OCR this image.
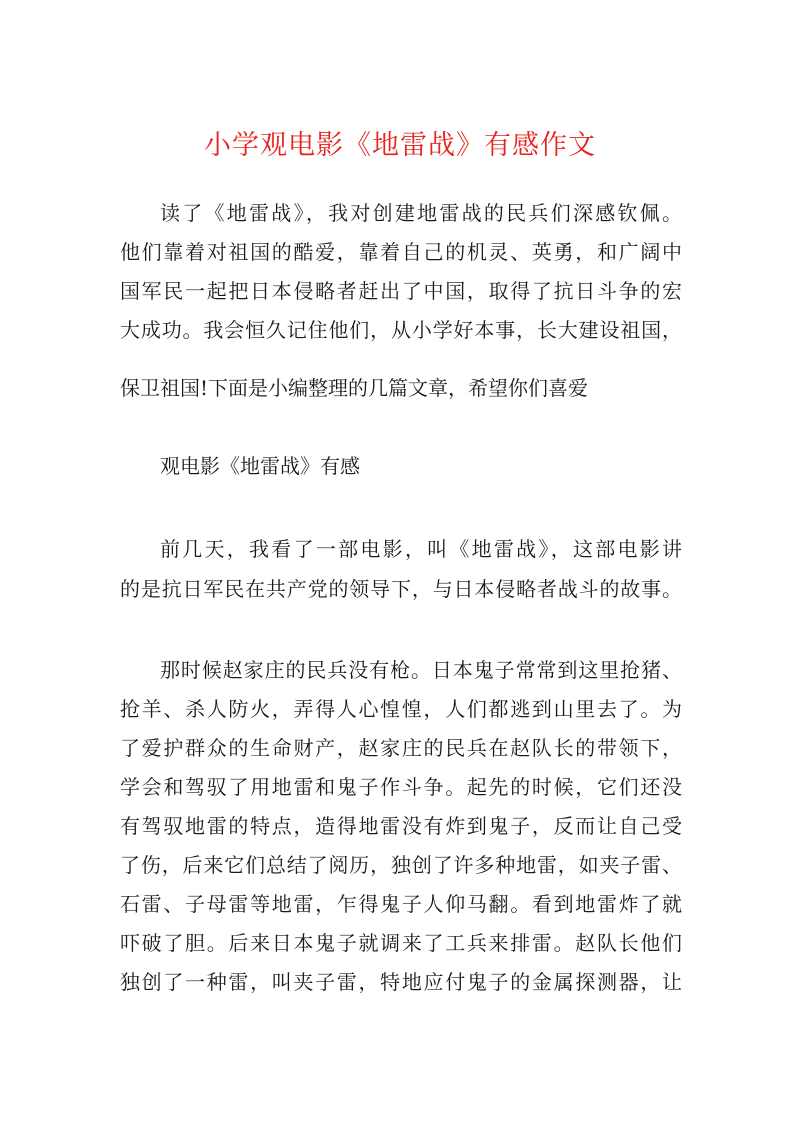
小学观电影《地雷战》有感作文

读了《地雷战》，我对创建地雷战的民兵们深感钦佩。

他们靠着对祖国的酷爱，靠着自己的机灵、英勇，和广阔中

国军民一起把日本侵略者赶出了中国，取得了抗日斗争的宏

大成功。我会恒久记住他们，从小学好本事，长大建设祖国，

保卫祖国!下面是小编整理的几篇文章，希望你们喜爱

观电影《地雷战》有感

前几天，我看了一部电影，叫《地雷战》，这部电影讲

的是抗日军民在共产党的领导下，与日本侵略者战斗的故事。

那时候赵家庄的民兵没有枪。日本鬼子常常到这里抢猪、

抢羊、杀人防火，弄得人心惶惶，人们都逃到山里去了。为

了爱护群众的生命财产，赵家庄的民兵在赵队长的带领下，

学会和驾驭了用地雷和鬼子作斗争。起先的时候，它们还没

有驾驭地雷的特点，造得地雷没有炸到鬼子，反而让自己受

了伤，后来它们总结了阅历，独创了许多种地雷，如夹子雷、

石雷、子母雷等地雷，乍得鬼子人仰马翻。看到地雷炸了就

吓破了胆。后来日本鬼子就调来了工兵来排雷。赵队长他们

独创了一种雷，叫夹子雷，特地应付鬼子的金属探测器，让
